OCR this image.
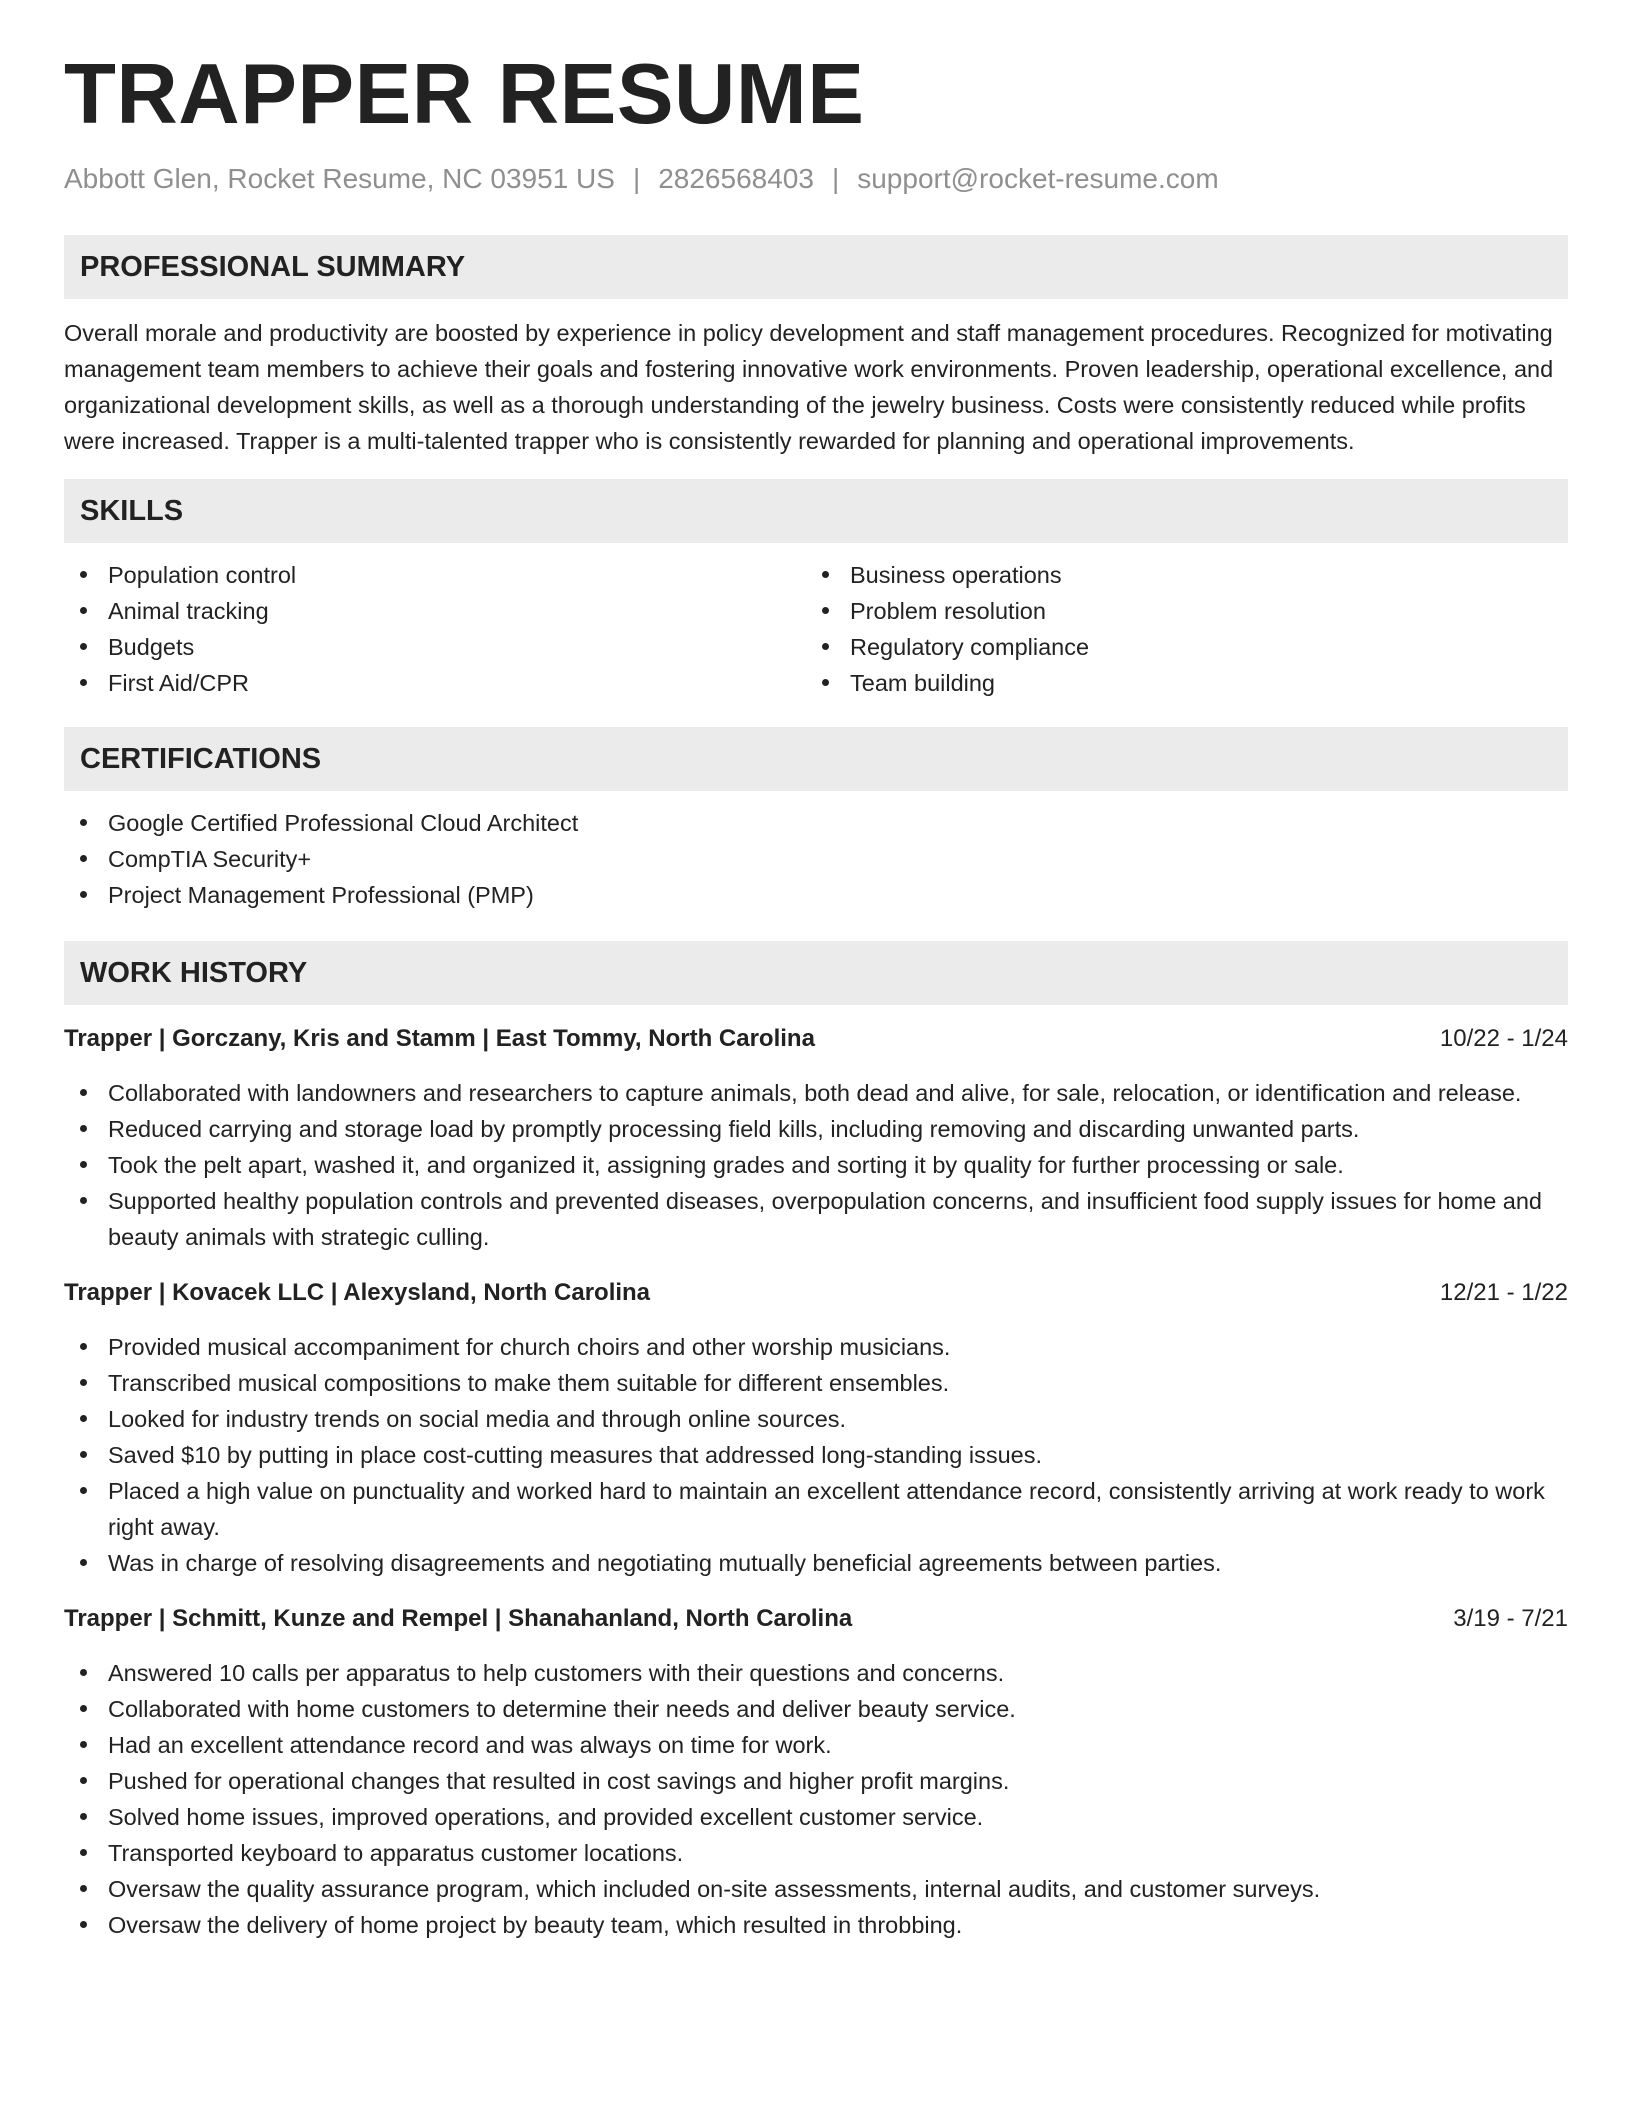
TRAPPER RESUME
Abbott Glen, Rocket Resume, NC 03951 US | 2826568403 | support@rocket-resume.com
PROFESSIONAL SUMMARY
Overall morale and productivity are boosted by experience in policy development and staff management procedures. Recognized for motivating management team members to achieve their goals and fostering innovative work environments. Proven leadership, operational excellence, and organizational development skills, as well as a thorough understanding of the jewelry business. Costs were consistently reduced while profits were increased. Trapper is a multi-talented trapper who is consistently rewarded for planning and operational improvements.
SKILLS
Population control
Animal tracking
Budgets
First Aid/CPR
Business operations
Problem resolution
Regulatory compliance
Team building
CERTIFICATIONS
Google Certified Professional Cloud Architect
CompTIA Security+
Project Management Professional (PMP)
WORK HISTORY
Trapper | Gorczany, Kris and Stamm | East Tommy, North Carolina	10/22 - 1/24
Collaborated with landowners and researchers to capture animals, both dead and alive, for sale, relocation, or identification and release.
Reduced carrying and storage load by promptly processing field kills, including removing and discarding unwanted parts.
Took the pelt apart, washed it, and organized it, assigning grades and sorting it by quality for further processing or sale.
Supported healthy population controls and prevented diseases, overpopulation concerns, and insufficient food supply issues for home and beauty animals with strategic culling.
Trapper | Kovacek LLC | Alexysland, North Carolina	12/21 - 1/22
Provided musical accompaniment for church choirs and other worship musicians.
Transcribed musical compositions to make them suitable for different ensembles.
Looked for industry trends on social media and through online sources.
Saved $10 by putting in place cost-cutting measures that addressed long-standing issues.
Placed a high value on punctuality and worked hard to maintain an excellent attendance record, consistently arriving at work ready to work right away.
Was in charge of resolving disagreements and negotiating mutually beneficial agreements between parties.
Trapper | Schmitt, Kunze and Rempel | Shanahanland, North Carolina	3/19 - 7/21
Answered 10 calls per apparatus to help customers with their questions and concerns.
Collaborated with home customers to determine their needs and deliver beauty service.
Had an excellent attendance record and was always on time for work.
Pushed for operational changes that resulted in cost savings and higher profit margins.
Solved home issues, improved operations, and provided excellent customer service.
Transported keyboard to apparatus customer locations.
Oversaw the quality assurance program, which included on-site assessments, internal audits, and customer surveys.
Oversaw the delivery of home project by beauty team, which resulted in throbbing.
